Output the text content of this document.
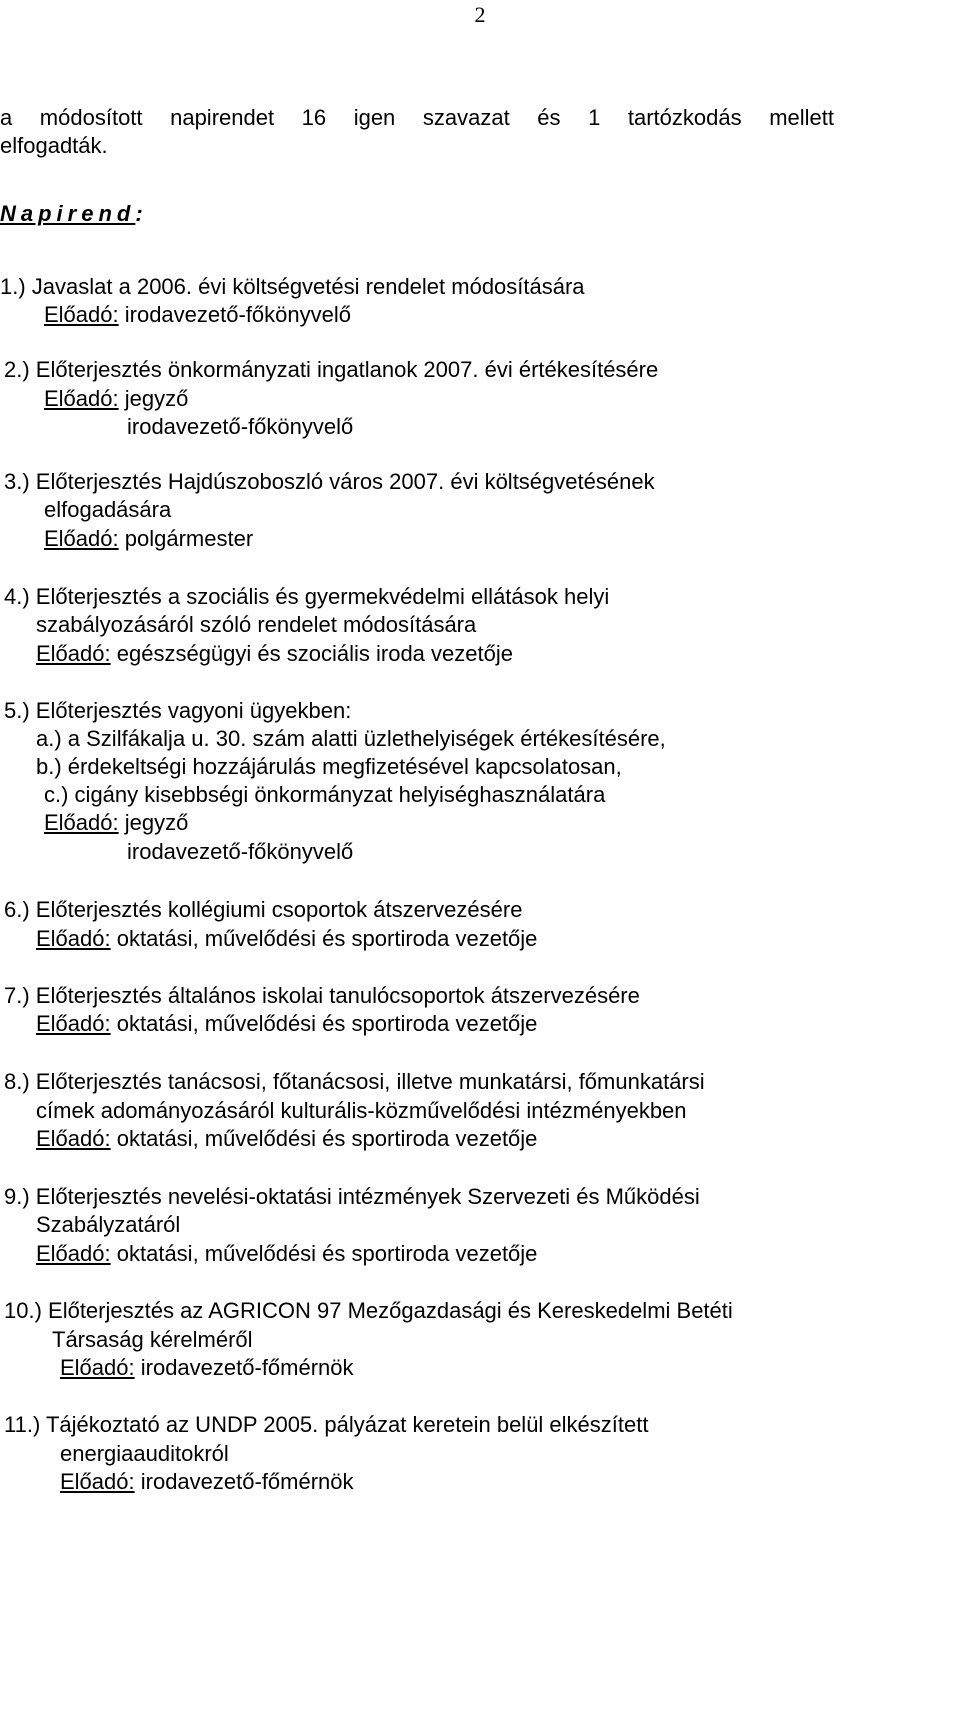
2
a módosított napirendet 16 igen szavazat és 1 tartózkodás mellett
elfogadták.
Napirend:
1.) Javaslat a 2006. évi költségvetési rendelet módosítására
Előadó: irodavezető-főkönyvelő
2.) Előterjesztés önkormányzati ingatlanok 2007. évi értékesítésére
Előadó: jegyző
irodavezető-főkönyvelő
3.) Előterjesztés Hajdúszoboszló város 2007. évi költségvetésének
elfogadására
Előadó: polgármester
4.) Előterjesztés a szociális és gyermekvédelmi ellátások helyi
szabályozásáról szóló rendelet módosítására
Előadó: egészségügyi és szociális iroda vezetője
5.) Előterjesztés vagyoni ügyekben:
a.) a Szilfákalja u. 30. szám alatti üzlethelyiségek értékesítésére,
b.) érdekeltségi hozzájárulás megfizetésével kapcsolatosan,
c.) cigány kisebbségi önkormányzat helyiséghasználatára
Előadó: jegyző
irodavezető-főkönyvelő
6.) Előterjesztés kollégiumi csoportok átszervezésére
Előadó: oktatási, művelődési és sportiroda vezetője
7.) Előterjesztés általános iskolai tanulócsoportok átszervezésére
Előadó: oktatási, művelődési és sportiroda vezetője
8.) Előterjesztés tanácsosi, főtanácsosi, illetve munkatársi, főmunkatársi
címek adományozásáról kulturális-közművelődési intézményekben
Előadó: oktatási, művelődési és sportiroda vezetője
9.) Előterjesztés nevelési-oktatási intézmények Szervezeti és Működési
Szabályzatáról
Előadó: oktatási, művelődési és sportiroda vezetője
10.) Előterjesztés az AGRICON 97 Mezőgazdasági és Kereskedelmi Betéti
Társaság kérelméről
Előadó: irodavezető-főmérnök
11.) Tájékoztató az UNDP 2005. pályázat keretein belül elkészített
energiaauditokról
Előadó: irodavezető-főmérnök
